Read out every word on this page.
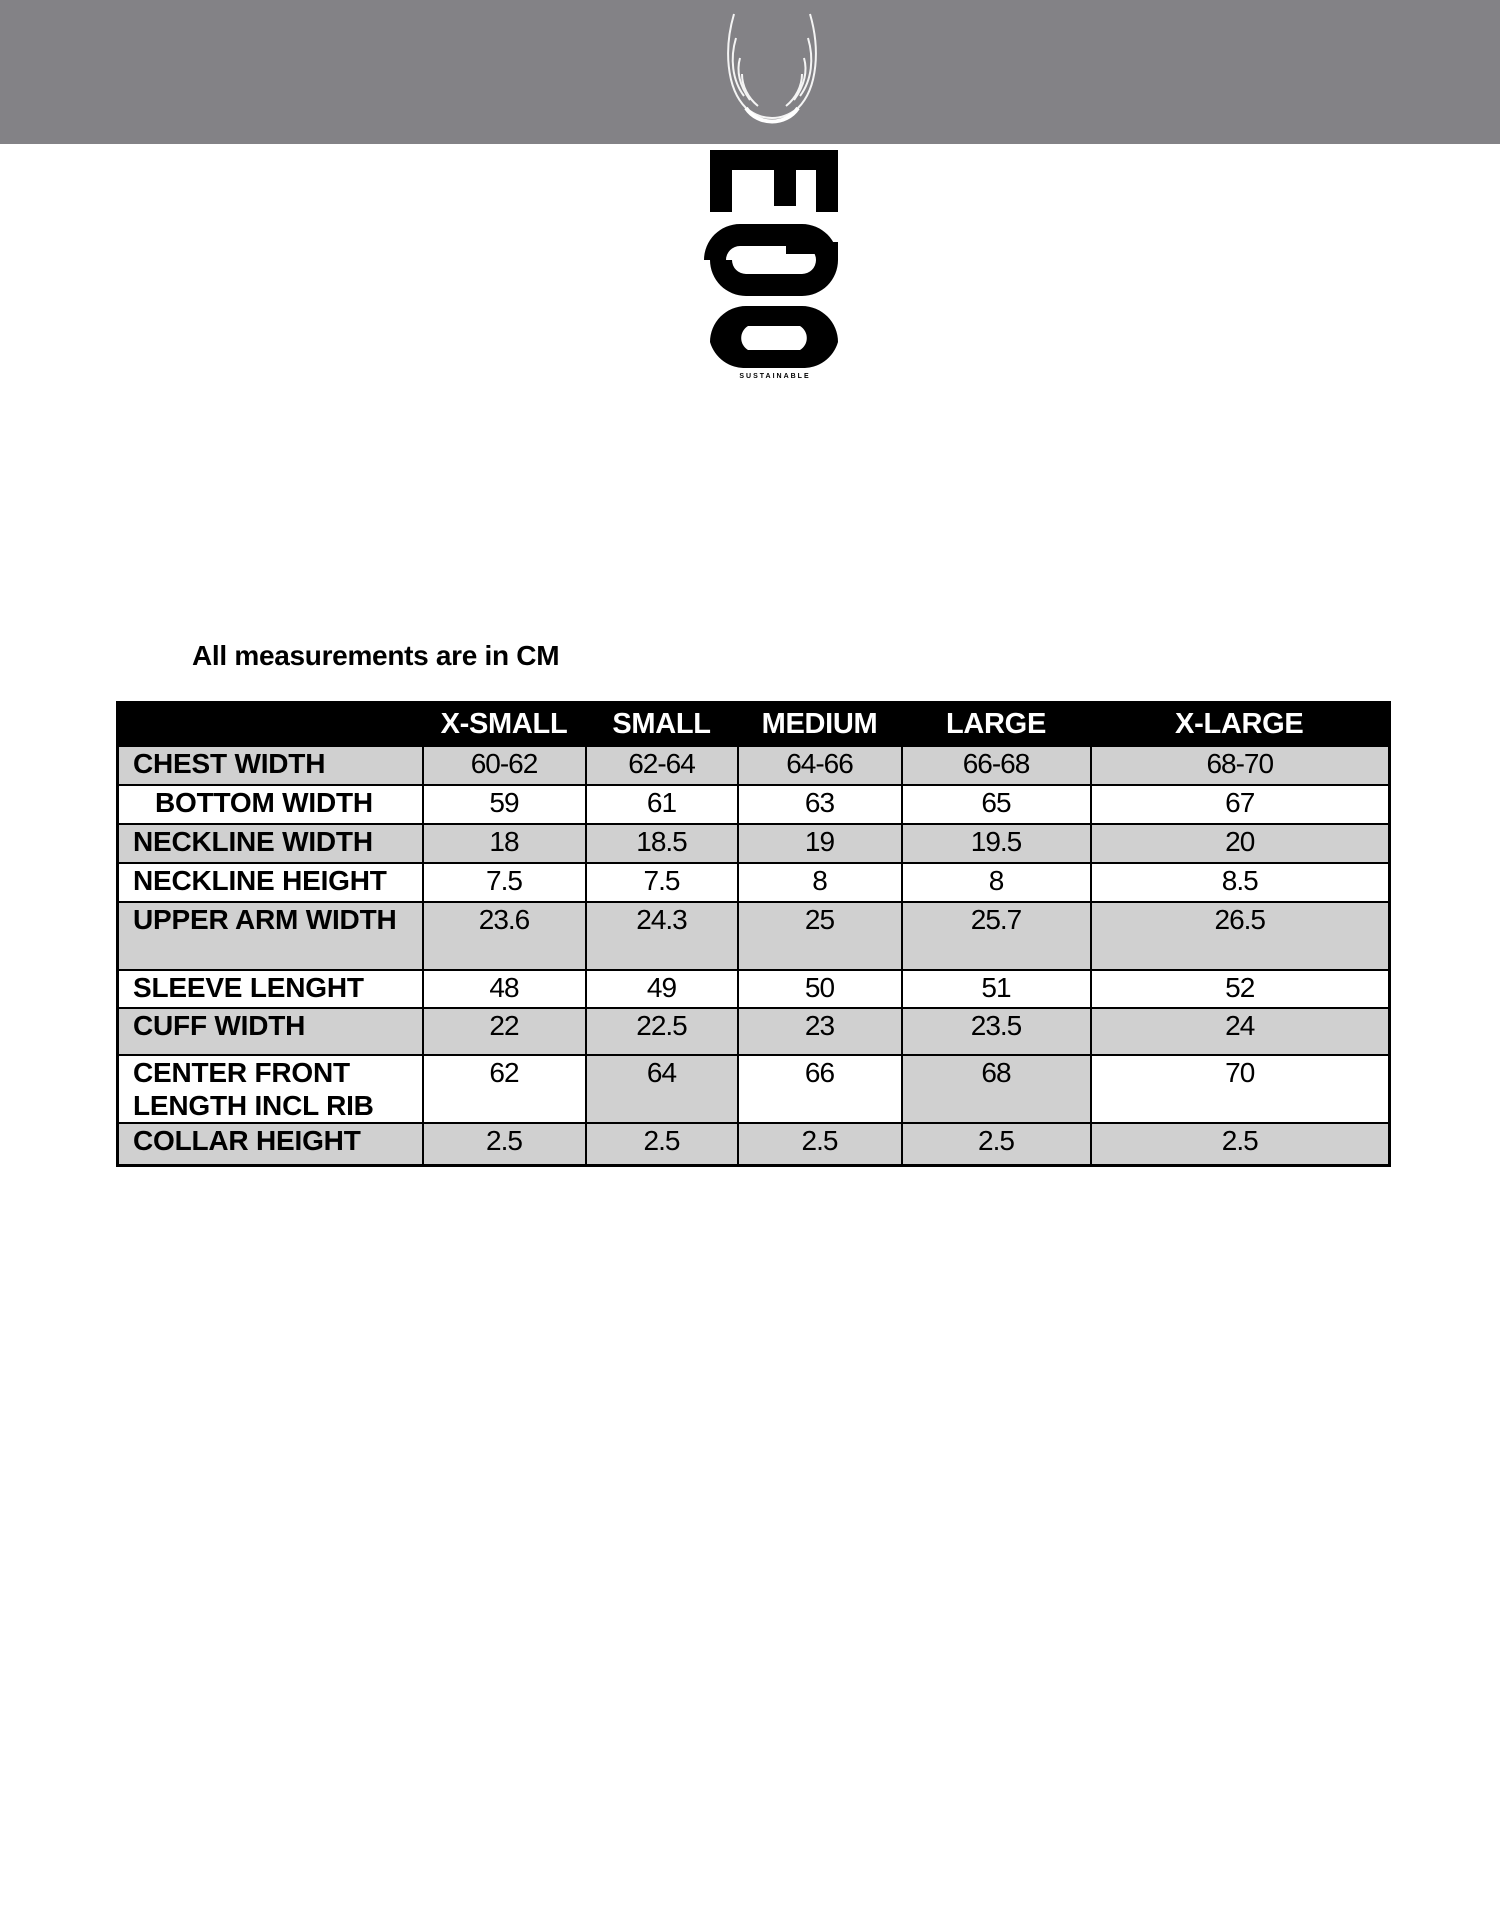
SUSTAINABLE
All measurements are in CM
	X-SMALL	SMALL	MEDIUM	LARGE	X-LARGE
CHEST WIDTH	60-62	62-64	64-66	66-68	68-70
BOTTOM WIDTH	59	61	63	65	67
NECKLINE WIDTH	18	18.5	19	19.5	20
NECKLINE HEIGHT	7.5	7.5	8	8	8.5
UPPER ARM WIDTH	23.6	24.3	25	25.7	26.5
SLEEVE LENGHT	48	49	50	51	52
CUFF WIDTH	22	22.5	23	23.5	24
CENTER FRONT LENGTH INCL RIB	62	64	66	68	70
COLLAR HEIGHT	2.5	2.5	2.5	2.5	2.5
